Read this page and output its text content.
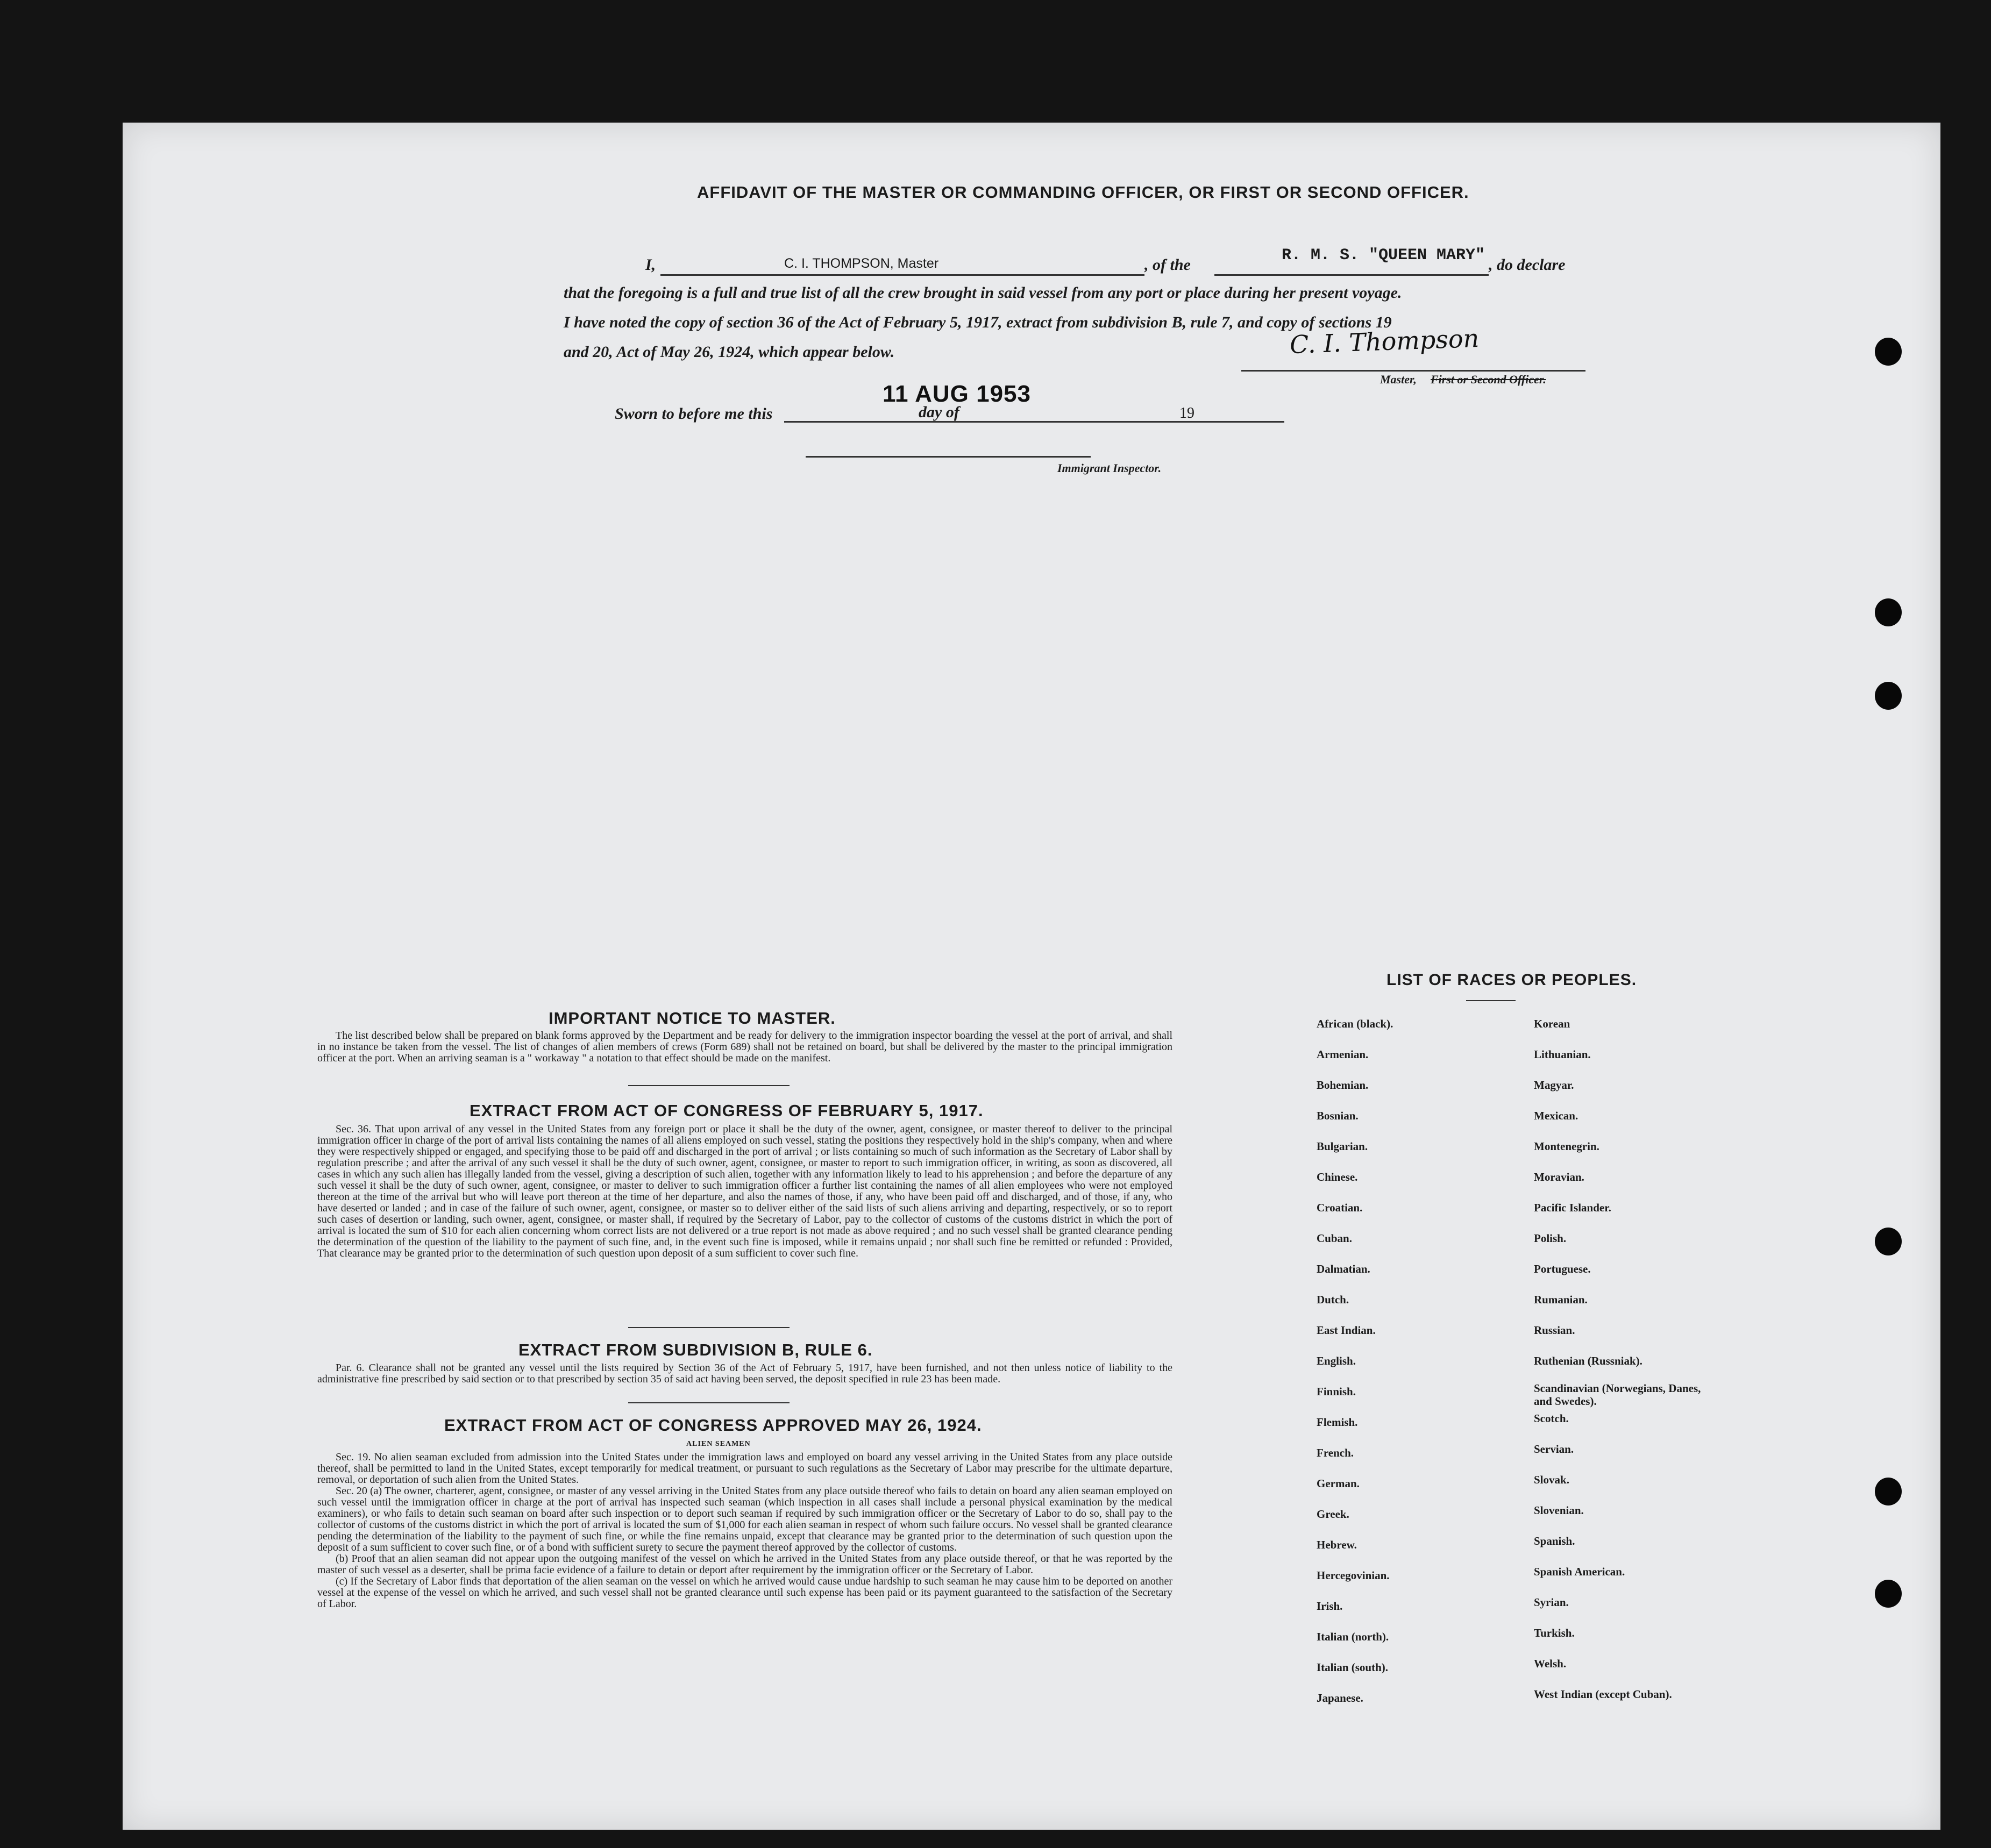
AFFIDAVIT OF THE MASTER OR COMMANDING OFFICER, OR FIRST OR SECOND OFFICER.
I,	C. I. THOMPSON, Master	, of the
R. M. S. "QUEEN MARY"
, do declare
that the foregoing is a full and true list of all the crew brought in said vessel from any port or place during her present voyage.
I have noted the copy of section 36 of the Act of February 5, 1917, extract from subdivision B, rule 7, and copy of sections 19
and 20, Act of May 26, 1924, which appear below.	C. I. Thompson
Master, First or Second Officer.
Sworn to before me this
11 AUG 1953
day of	19
Immigrant Inspector.
IMPORTANT NOTICE TO MASTER.

The list described below shall be prepared on blank forms approved by the Department and be ready for delivery to the immigration inspector boarding the vessel at the port of arrival, and shall in no instance be taken from the vessel. The list of changes of alien members of crews (Form 689) shall not be retained on board, but shall be delivered by the master to the principal immigration officer at the port. When an arriving seaman is a " workaway " a notation to that effect should be made on the manifest.

EXTRACT FROM ACT OF CONGRESS OF FEBRUARY 5, 1917.

Sec. 36. That upon arrival of any vessel in the United States from any foreign port or place it shall be the duty of the owner, agent, consignee, or master thereof to deliver to the principal immigration officer in charge of the port of arrival lists containing the names of all aliens employed on such vessel, stating the positions they respectively hold in the ship's company, when and where they were respectively shipped or engaged, and specifying those to be paid off and discharged in the port of arrival ; or lists containing so much of such information as the Secretary of Labor shall by regulation prescribe ; and after the arrival of any such vessel it shall be the duty of such owner, agent, consignee, or master to report to such immigration officer, in writing, as soon as discovered, all cases in which any such alien has illegally landed from the vessel, giving a description of such alien, together with any information likely to lead to his apprehension ; and before the departure of any such vessel it shall be the duty of such owner, agent, consignee, or master to deliver to such immigration officer a further list containing the names of all alien employees who were not employed thereon at the time of the arrival but who will leave port thereon at the time of her departure, and also the names of those, if any, who have been paid off and discharged, and of those, if any, who have deserted or landed ; and in case of the failure of such owner, agent, consignee, or master so to deliver either of the said lists of such aliens arriving and departing, respectively, or so to report such cases of desertion or landing, such owner, agent, consignee, or master shall, if required by the Secretary of Labor, pay to the collector of customs of the customs district in which the port of arrival is located the sum of $10 for each alien concerning whom correct lists are not delivered or a true report is not made as above required ; and no such vessel shall be granted clearance pending the determination of the question of the liability to the payment of such fine, and, in the event such fine is imposed, while it remains unpaid ; nor shall such fine be remitted or refunded : Provided, That clearance may be granted prior to the determination of such question upon deposit of a sum sufficient to cover such fine.

EXTRACT FROM SUBDIVISION B, RULE 6.

Par. 6. Clearance shall not be granted any vessel until the lists required by Section 36 of the Act of February 5, 1917, have been furnished, and not then unless notice of liability to the administrative fine prescribed by said section or to that prescribed by section 35 of said act having been served, the deposit specified in rule 23 has been made.

EXTRACT FROM ACT OF CONGRESS APPROVED MAY 26, 1924.
ALIEN SEAMEN

Sec. 19. No alien seaman excluded from admission into the United States under the immigration laws and employed on board any vessel arriving in the United States from any place outside thereof, shall be permitted to land in the United States, except temporarily for medical treatment, or pursuant to such regulations as the Secretary of Labor may prescribe for the ultimate departure, removal, or deportation of such alien from the United States.

Sec. 20 (a) The owner, charterer, agent, consignee, or master of any vessel arriving in the United States from any place outside thereof who fails to detain on board any alien seaman employed on such vessel until the immigration officer in charge at the port of arrival has inspected such seaman (which inspection in all cases shall include a personal physical examination by the medical examiners), or who fails to detain such seaman on board after such inspection or to deport such seaman if required by such immigration officer or the Secretary of Labor to do so, shall pay to the collector of customs of the customs district in which the port of arrival is located the sum of $1,000 for each alien seaman in respect of whom such failure occurs. No vessel shall be granted clearance pending the determination of the liability to the payment of such fine, or while the fine remains unpaid, except that clearance may be granted prior to the determination of such question upon the deposit of a sum sufficient to cover such fine, or of a bond with sufficient surety to secure the payment thereof approved by the collector of customs.

(b) Proof that an alien seaman did not appear upon the outgoing manifest of the vessel on which he arrived in the United States from any place outside thereof, or that he was reported by the master of such vessel as a deserter, shall be prima facie evidence of a failure to detain or deport after requirement by the immigration officer or the Secretary of Labor.

(c) If the Secretary of Labor finds that deportation of the alien seaman on the vessel on which he arrived would cause undue hardship to such seaman he may cause him to be deported on another vessel at the expense of the vessel on which he arrived, and such vessel shall not be granted clearance until such expense has been paid or its payment guaranteed to the satisfaction of the Secretary of Labor.

LIST OF RACES OR PEOPLES.
African (black).
Armenian.
Bohemian.
Bosnian.
Bulgarian.
Chinese.
Croatian.
Cuban.
Dalmatian.
Dutch.
East Indian.
English.
Finnish.
Flemish.
French.
German.
Greek.
Hebrew.
Hercegovinian.
Irish.
Italian (north).
Italian (south).
Japanese.
Korean
Lithuanian.
Magyar.
Mexican.
Montenegrin.
Moravian.
Pacific Islander.
Polish.
Portuguese.
Rumanian.
Russian.
Ruthenian (Russniak).
Scandinavian (Norwegians, Danes, and Swedes).
Scotch.
Servian.
Slovak.
Slovenian.
Spanish.
Spanish American.
Syrian.
Turkish.
Welsh.
West Indian (except Cuban).
